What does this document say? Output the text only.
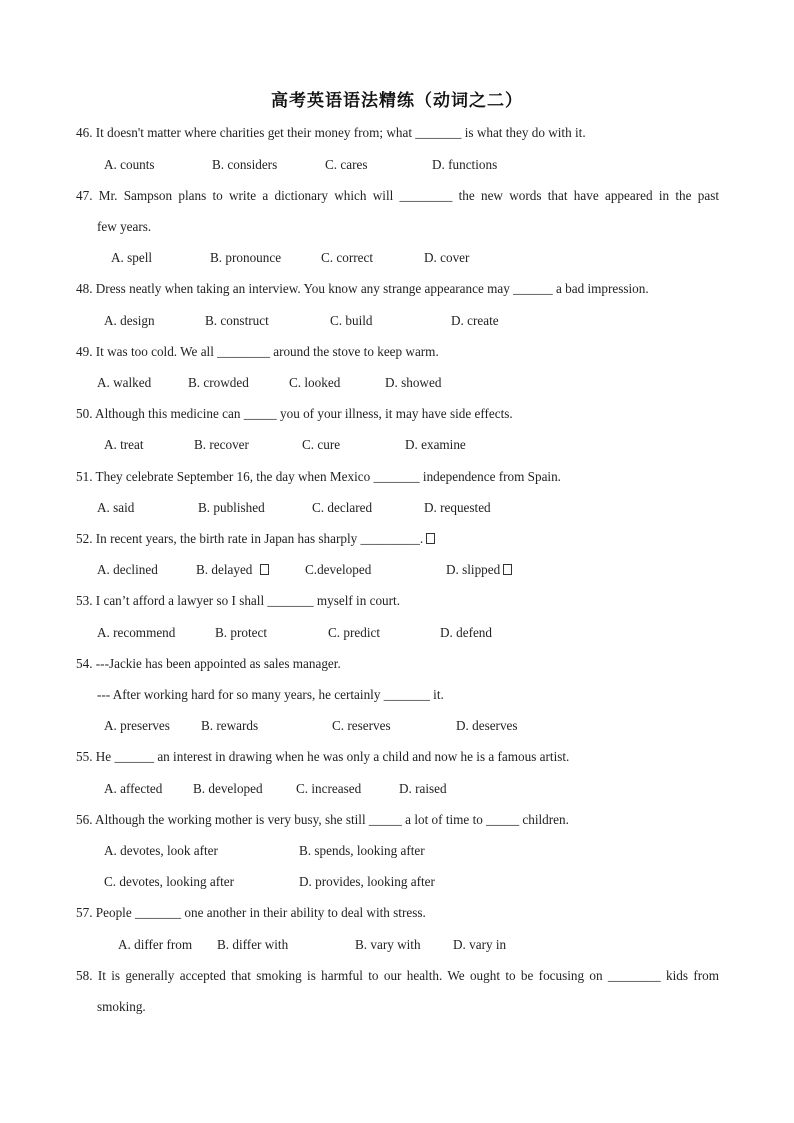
高考英语语法精练（动词之二）
46. It doesn't matter where charities get their money from; what _______ is what they do with it.
A. counts	B. considers	C. cares	D. functions
47. Mr. Sampson plans to write a dictionary which will ________ the new words that have appeared in the past
few years.
A. spell	B. pronounce	C. correct	D. cover
48. Dress neatly when taking an interview. You know any strange appearance may ______ a bad impression.
A. design	B. construct	C. build	D. create
49. It was too cold. We all ________ around the stove to keep warm.
A. walked	B. crowded	C. looked	D. showed
50. Although this medicine can _____ you of your illness, it may have side effects.
A. treat	B. recover	C. cure	D. examine
51. They celebrate September 16, the day when Mexico _______ independence from Spain.
A. said	B. published	C. declared	D. requested
52. In recent years, the birth rate in Japan has sharply _________.
A. declined	B. delayed	C.developed	D. slipped
53. I can’t afford a lawyer so I shall _______ myself in court.
A. recommend	B. protect	C. predict	D. defend
54. ---Jackie has been appointed as sales manager.
--- After working hard for so many years, he certainly _______ it.
A. preserves B. rewards	C. reserves	D. deserves
55. He ______ an interest in drawing when he was only a child and now he is a famous artist.
A. affected B. developed	C. increased	D. raised
56. Although the working mother is very busy, she still _____ a lot of time to _____ children.
A. devotes, look after	B. spends, looking after
C. devotes, looking after	D. provides, looking after
57. People _______ one another in their ability to deal with stress.
A. differ from B. differ with	B. vary with D. vary in
58. It is generally accepted that smoking is harmful to our health. We ought to be focusing on ________ kids from
smoking.
